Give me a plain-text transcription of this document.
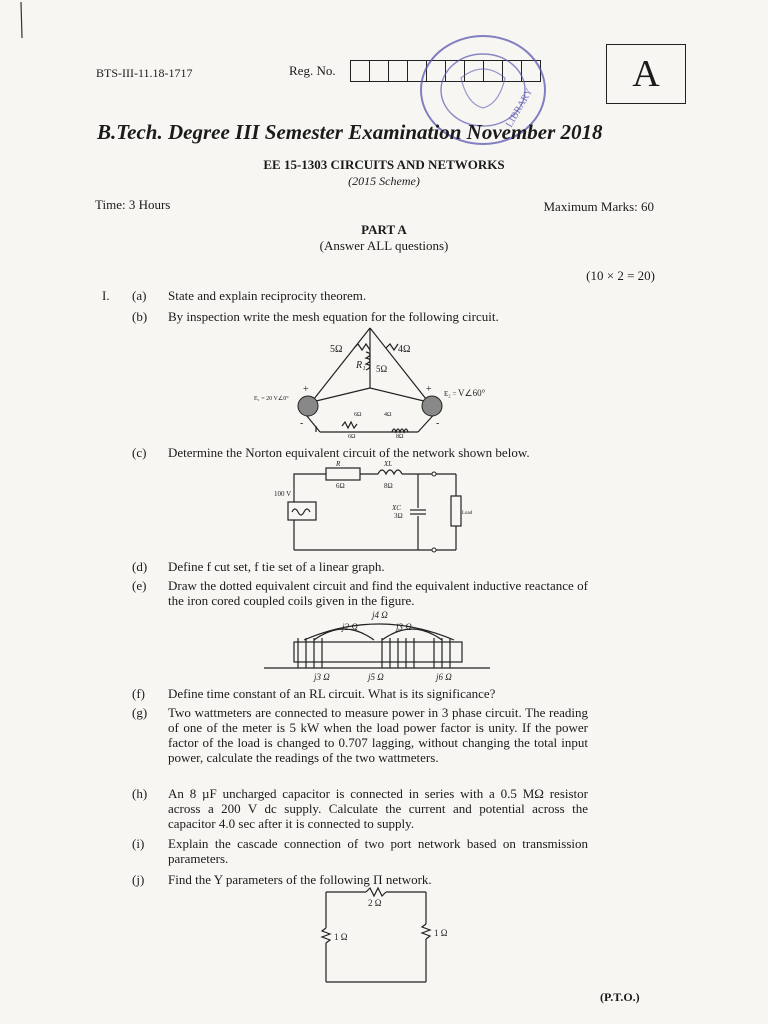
BTS-III-11.18-1717	Reg. No.
LIBRARY
A
B.Tech. Degree III Semester Examination November 2018
EE 15-1303 CIRCUITS AND NETWORKS
(2015 Scheme)
Time: 3 Hours	Maximum Marks: 60
PART A
(Answer ALL questions)
(10 × 2 = 20)
I. (a) State and explain reciprocity theorem.
(b) By inspection write the mesh equation for the following circuit.
5Ω	4Ω
R₁ 5Ω
E₁ = 20 V∠0°
E₂ = V∠60°
6Ω	4Ω
6Ω	8Ω
+	+
-	-
(c) Determine the Norton equivalent circuit of the network shown below.
R
6Ω
XL
8Ω
100 V
XC
3Ω	Load
(d) Define f cut set, f tie set of a linear graph.
(e) Draw the dotted equivalent circuit and find the equivalent inductive reactance of the iron cored coupled coils given in the figure.
j4 Ω
j2 Ω	j3 Ω
j3 Ω	j5 Ω	j6 Ω
(f) Define time constant of an RL circuit. What is its significance?
(g) Two wattmeters are connected to measure power in 3 phase circuit. The reading of one of the meter is 5 kW when the load power factor is unity. If the power factor of the load is changed to 0.707 lagging, without changing the total input power, calculate the readings of the two wattmeters.
(h) An 8 µF uncharged capacitor is connected in series with a 0.5 MΩ resistor across a 200 V dc supply. Calculate the current and potential across the capacitor 4.0 sec after it is connected to supply.
(i) Explain the cascade connection of two port network based on transmission parameters.
(j) Find the Y parameters of the following Π network.
2 Ω
1 Ω	1 Ω
(P.T.O.)
